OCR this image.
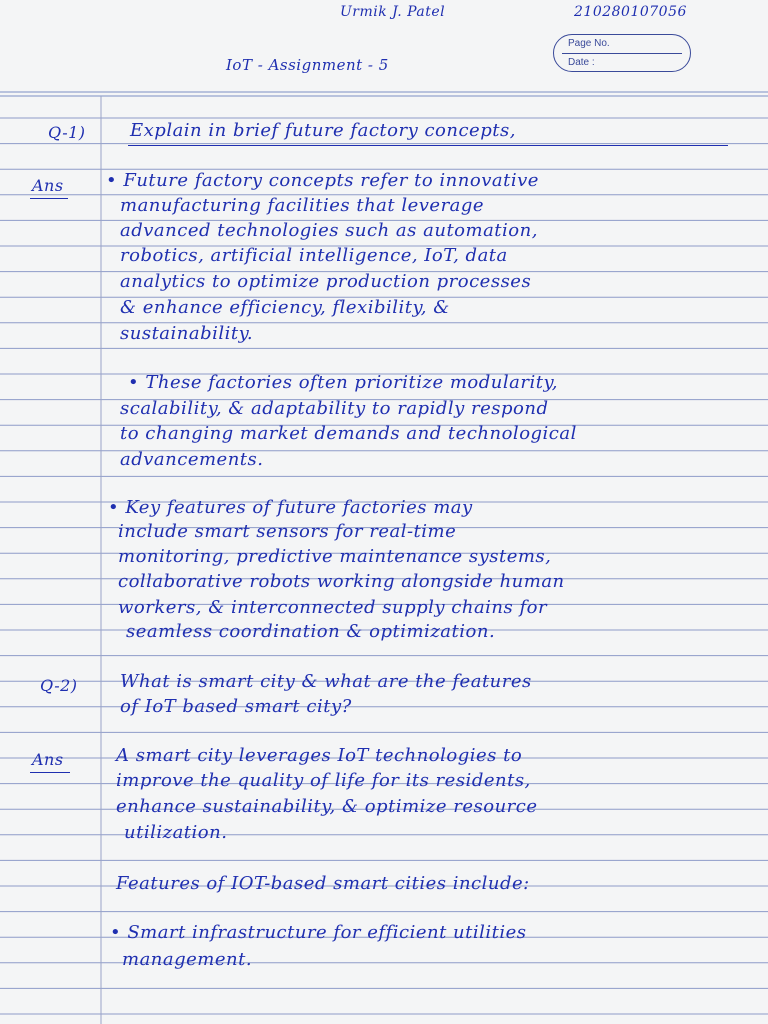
Urmik J. Patel	210280107056
IoT - Assignment - 5
Page No.
Date :
Q-1) Explain in brief future factory concepts,
Ans • Future factory concepts refer to innovative
manufacturing facilities that leverage
advanced technologies such as automation,
robotics, artificial intelligence, IoT, data
analytics to optimize production processes
& enhance efficiency, flexibility, &
sustainability.
• These factories often prioritize modularity,
scalability, & adaptability to rapidly respond
to changing market demands and technological
advancements.
• Key features of future factories may
include smart sensors for real-time
monitoring, predictive maintenance systems,
collaborative robots working alongside human
workers, & interconnected supply chains for
seamless coordination & optimization.
Q-2) What is smart city & what are the features
of IoT based smart city?
Ans	A smart city leverages IoT technologies to
improve the quality of life for its residents,
enhance sustainability, & optimize resource
utilization.
Features of IOT-based smart cities include:
• Smart infrastructure for efficient utilities
management.
